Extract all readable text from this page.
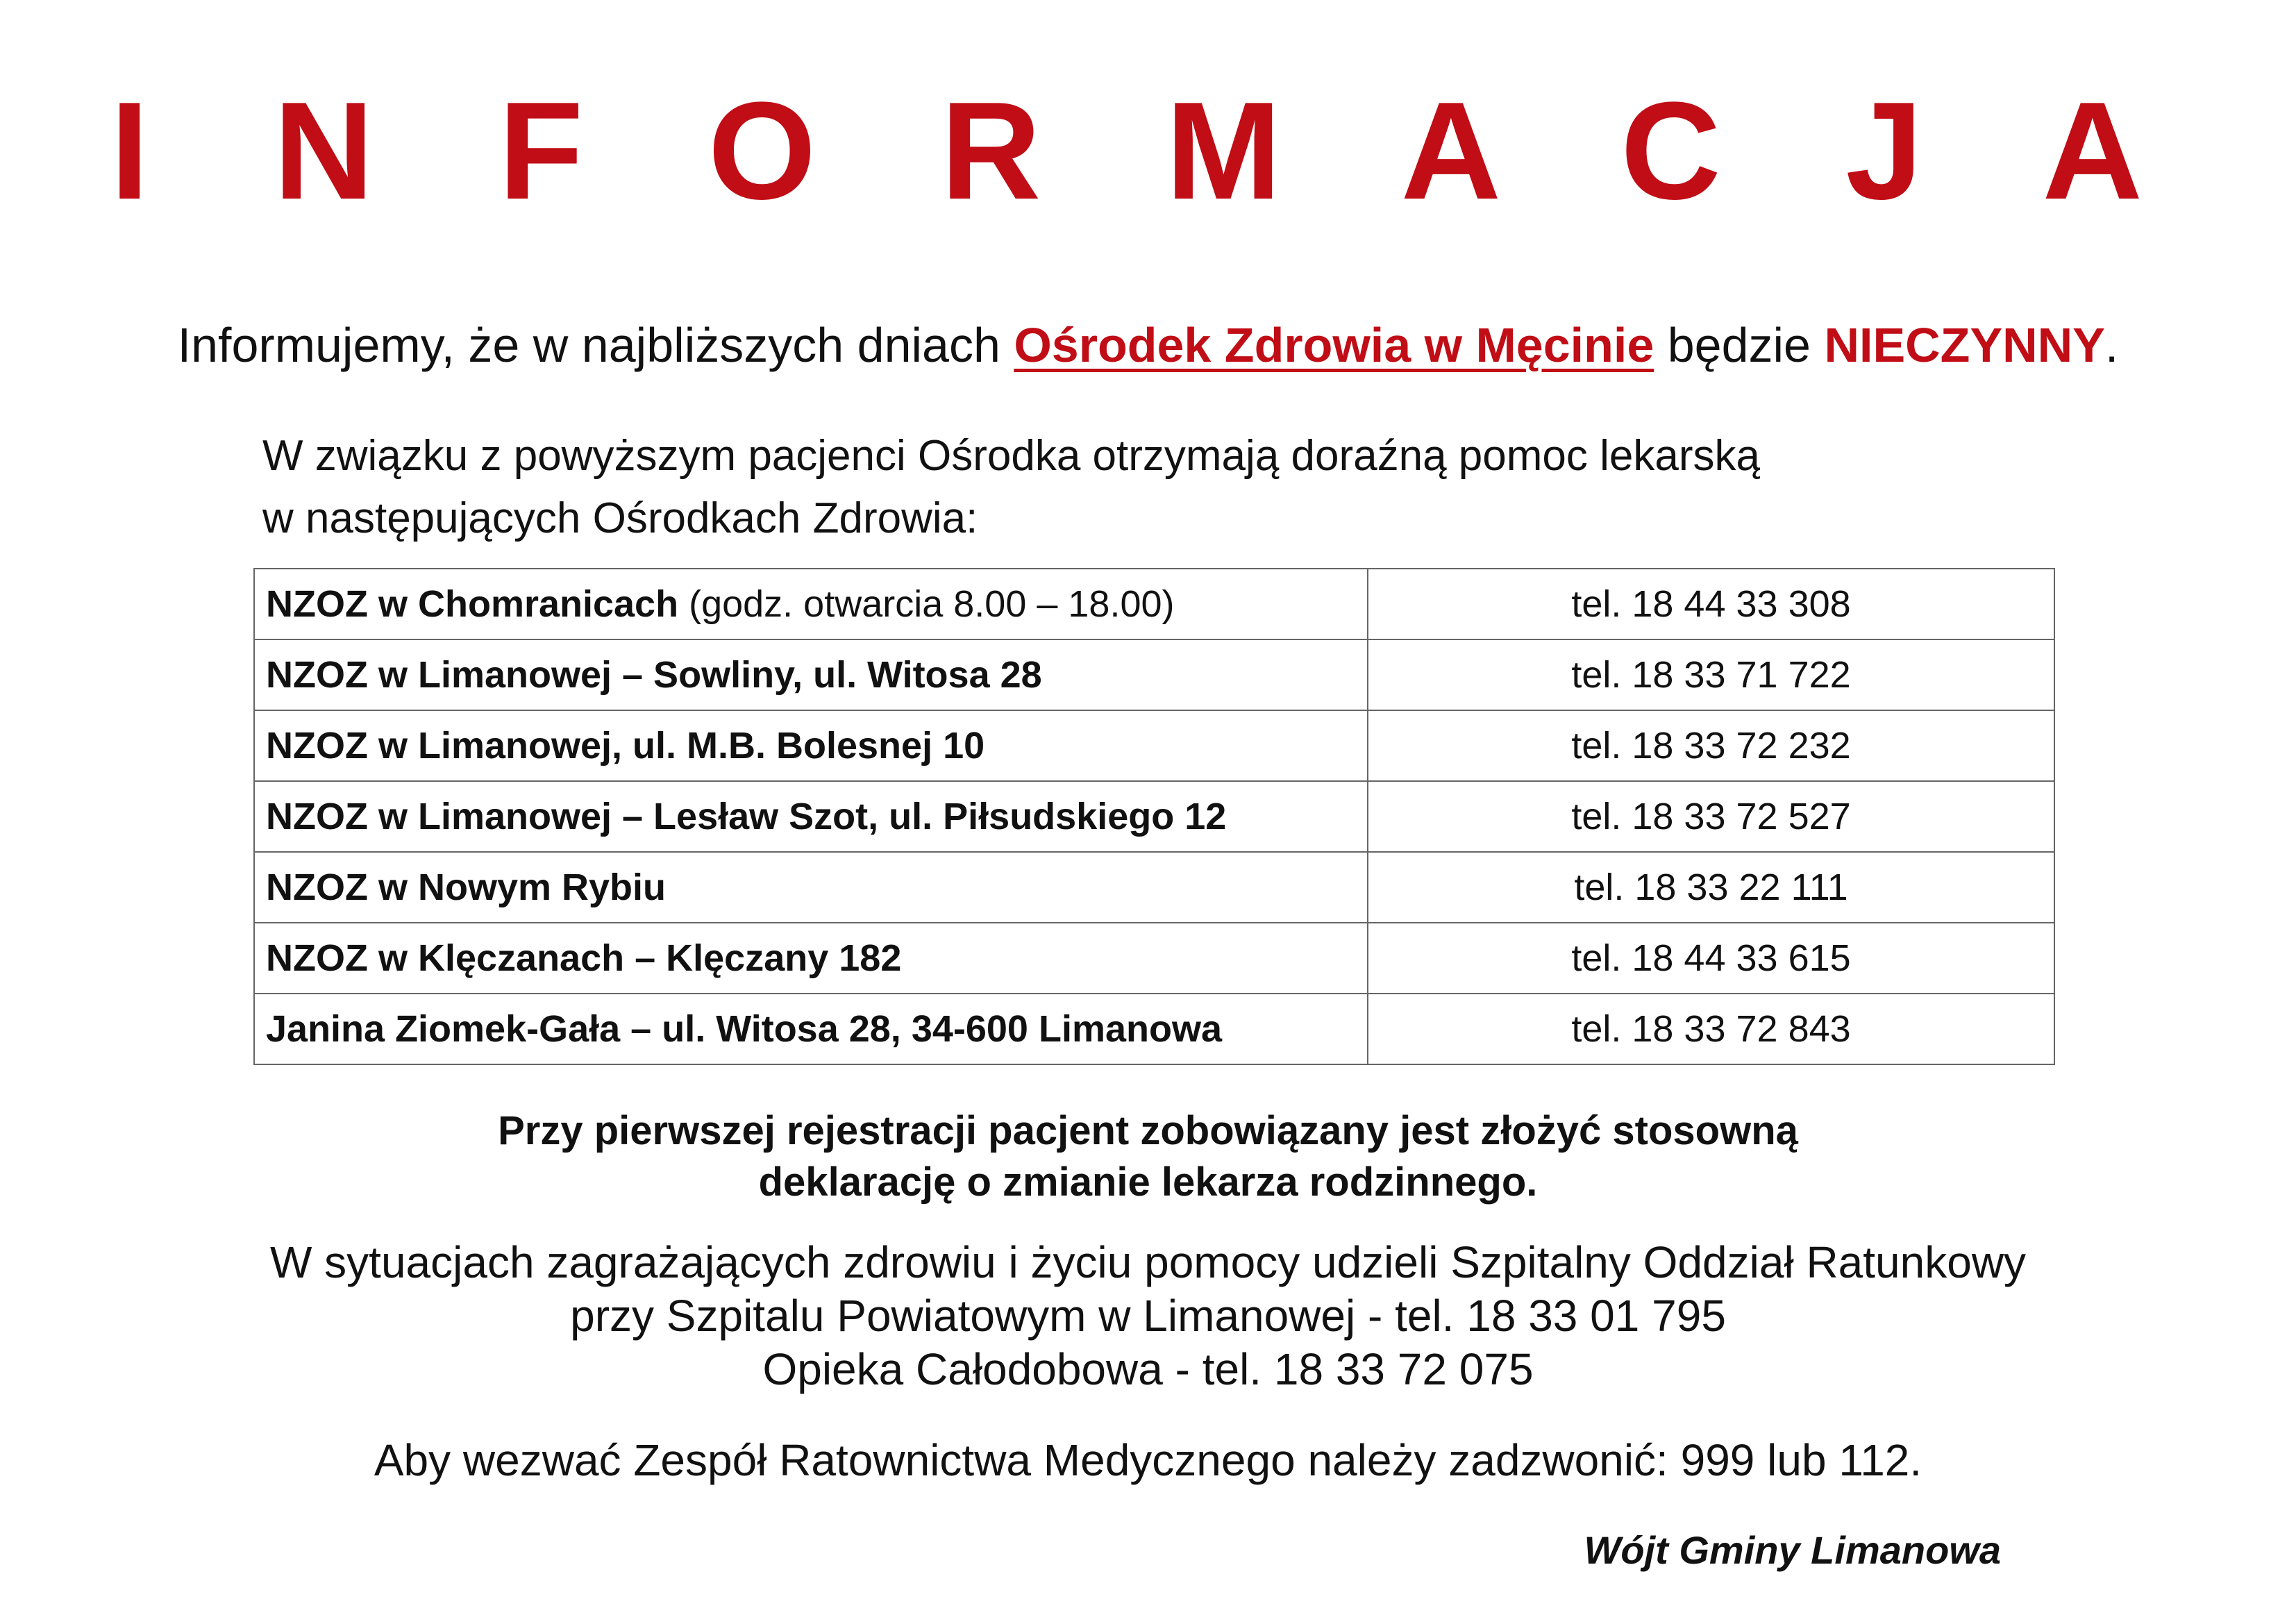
I N F O R M A C J A
Informujemy, że w najbliższych dniach Ośrodek Zdrowia w Męcinie będzie NIECZYNNY.
W związku z powyższym pacjenci Ośrodka otrzymają doraźną pomoc lekarską
w następujących Ośrodkach Zdrowia:
NZOZ w Chomranicach (godz. otwarcia 8.00 – 18.00)	tel. 18 44 33 308
NZOZ w Limanowej – Sowliny, ul. Witosa 28	tel. 18 33 71 722
NZOZ w Limanowej, ul. M.B. Bolesnej 10	tel. 18 33 72 232
NZOZ w Limanowej – Lesław Szot, ul. Piłsudskiego 12	tel. 18 33 72 527
NZOZ w Nowym Rybiu	tel. 18 33 22 111
NZOZ w Klęczanach – Klęczany 182	tel. 18 44 33 615
Janina Ziomek-Gała – ul. Witosa 28, 34-600 Limanowa	tel. 18 33 72 843
Przy pierwszej rejestracji pacjent zobowiązany jest złożyć stosowną
deklarację o zmianie lekarza rodzinnego.
W sytuacjach zagrażających zdrowiu i życiu pomocy udzieli Szpitalny Oddział Ratunkowy
przy Szpitalu Powiatowym w Limanowej - tel. 18 33 01 795
Opieka Całodobowa - tel. 18 33 72 075
Aby wezwać Zespół Ratownictwa Medycznego należy zadzwonić: 999 lub 112.
Wójt Gminy Limanowa
